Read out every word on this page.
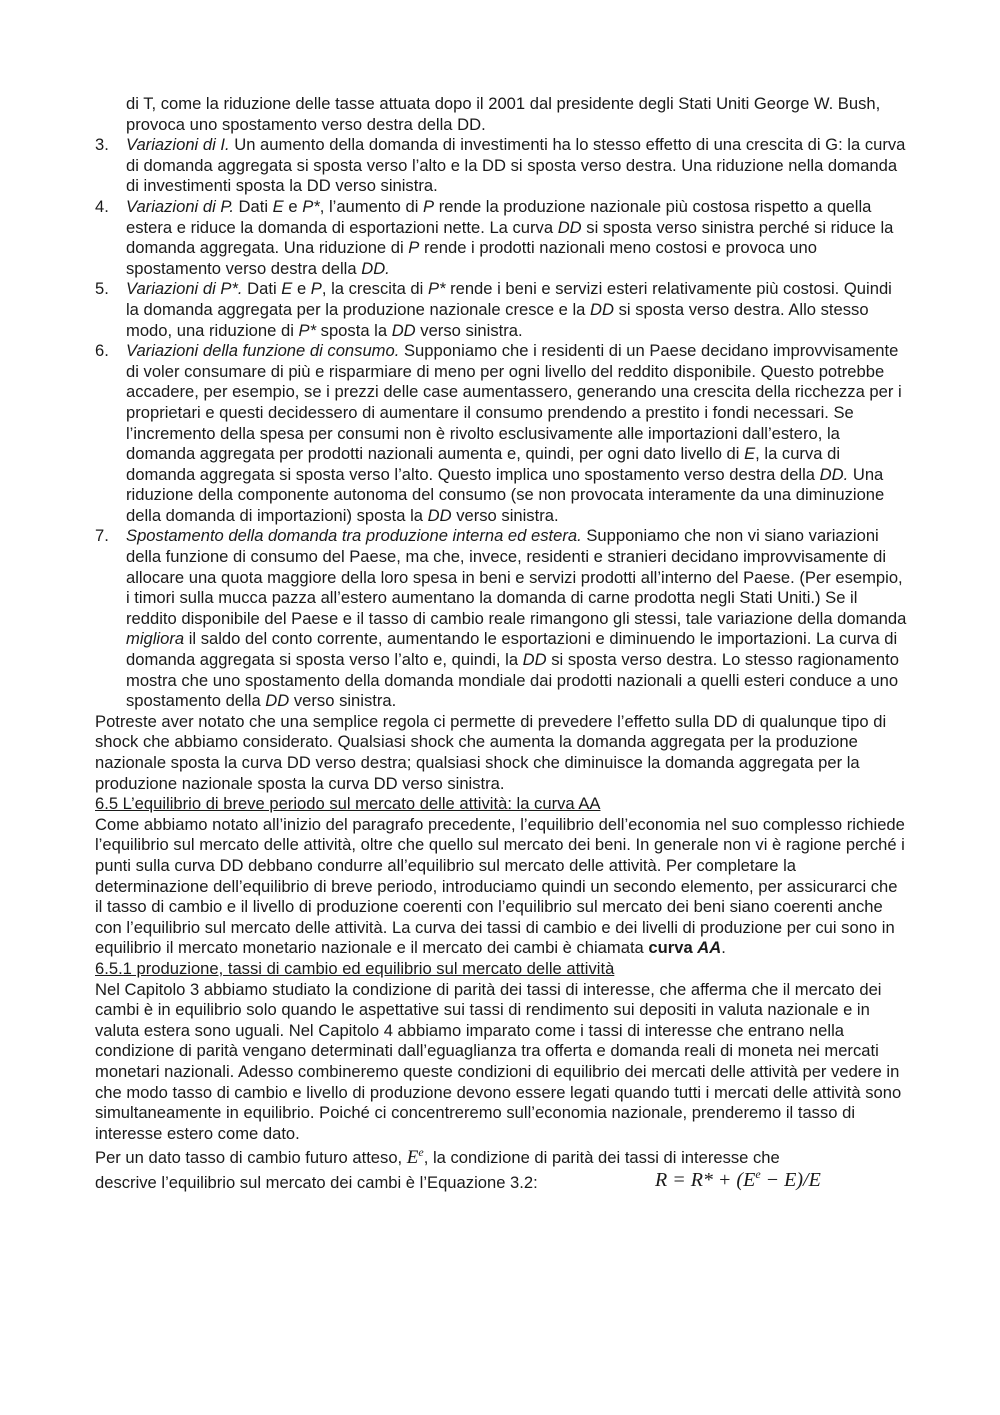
di T, come la riduzione delle tasse attuata dopo il 2001 dal presidente degli Stati Uniti George W. Bush, provoca uno spostamento verso destra della DD.
3. Variazioni di I. Un aumento della domanda di investimenti ha lo stesso effetto di una crescita di G: la curva di domanda aggregata si sposta verso l’alto e la DD si sposta verso destra. Una riduzione nella domanda di investimenti sposta la DD verso sinistra.
4. Variazioni di P. Dati E e P*, l’aumento di P rende la produzione nazionale più costosa rispetto a quella estera e riduce la domanda di esportazioni nette. La curva DD si sposta verso sinistra perché si riduce la domanda aggregata. Una riduzione di P rende i prodotti nazionali meno costosi e provoca uno spostamento verso destra della DD.
5. Variazioni di P*. Dati E e P, la crescita di P* rende i beni e servizi esteri relativamente più costosi. Quindi la domanda aggregata per la produzione nazionale cresce e la DD si sposta verso destra. Allo stesso modo, una riduzione di P* sposta la DD verso sinistra.
6. Variazioni della funzione di consumo. Supponiamo che i residenti di un Paese decidano improvvisamente di voler consumare di più e risparmiare di meno per ogni livello del reddito disponibile. Questo potrebbe accadere, per esempio, se i prezzi delle case aumentassero, generando una crescita della ricchezza per i proprietari e questi decidessero di aumentare il consumo prendendo a prestito i fondi necessari. Se l’incremento della spesa per consumi non è rivolto esclusivamente alle importazioni dall’estero, la domanda aggregata per prodotti nazionali aumenta e, quindi, per ogni dato livello di E, la curva di domanda aggregata si sposta verso l’alto. Questo implica uno spostamento verso destra della DD. Una riduzione della componente autonoma del consumo (se non provocata interamente da una diminuzione della domanda di importazioni) sposta la DD verso sinistra.
7. Spostamento della domanda tra produzione interna ed estera. Supponiamo che non vi siano variazioni della funzione di consumo del Paese, ma che, invece, residenti e stranieri decidano improvvisamente di allocare una quota maggiore della loro spesa in beni e servizi prodotti all’interno del Paese. (Per esempio, i timori sulla mucca pazza all’estero aumentano la domanda di carne prodotta negli Stati Uniti.) Se il reddito disponibile del Paese e il tasso di cambio reale rimangono gli stessi, tale variazione della domanda migliora il saldo del conto corrente, aumentando le esportazioni e diminuendo le importazioni. La curva di domanda aggregata si sposta verso l’alto e, quindi, la DD si sposta verso destra. Lo stesso ragionamento mostra che uno spostamento della domanda mondiale dai prodotti nazionali a quelli esteri conduce a uno spostamento della DD verso sinistra.

Potreste aver notato che una semplice regola ci permette di prevedere l’effetto sulla DD di qualunque tipo di shock che abbiamo considerato. Qualsiasi shock che aumenta la domanda aggregata per la produzione nazionale sposta la curva DD verso destra; qualsiasi shock che diminuisce la domanda aggregata per la produzione nazionale sposta la curva DD verso sinistra.

6.5 L’equilibrio di breve periodo sul mercato delle attività: la curva AA

Come abbiamo notato all’inizio del paragrafo precedente, l’equilibrio dell’economia nel suo complesso richiede l’equilibrio sul mercato delle attività, oltre che quello sul mercato dei beni. In generale non vi è ragione perché i punti sulla curva DD debbano condurre all’equilibrio sul mercato delle attività. Per completare la determinazione dell’equilibrio di breve periodo, introduciamo quindi un secondo elemento, per assicurarci che il tasso di cambio e il livello di produzione coerenti con l’equilibrio sul mercato dei beni siano coerenti anche con l’equilibrio sul mercato delle attività. La curva dei tassi di cambio e dei livelli di produzione per cui sono in equilibrio il mercato monetario nazionale e il mercato dei cambi è chiamata curva AA.

6.5.1 produzione, tassi di cambio ed equilibrio sul mercato delle attività

Nel Capitolo 3 abbiamo studiato la condizione di parità dei tassi di interesse, che afferma che il mercato dei cambi è in equilibrio solo quando le aspettative sui tassi di rendimento sui depositi in valuta nazionale e in valuta estera sono uguali. Nel Capitolo 4 abbiamo imparato come i tassi di interesse che entrano nella condizione di parità vengano determinati dall’eguaglianza tra offerta e domanda reali di moneta nei mercati monetari nazionali. Adesso combineremo queste condizioni di equilibrio dei mercati delle attività per vedere in che modo tasso di cambio e livello di produzione devono essere legati quando tutti i mercati delle attività sono simultaneamente in equilibrio. Poiché ci concentreremo sull’economia nazionale, prenderemo il tasso di interesse estero come dato.

Per un dato tasso di cambio futuro atteso, $E^e$, la condizione di parità dei tassi di interesse che

descrive l’equilibrio sul mercato dei cambi è l’Equazione 3.2:	$R = R* + (E^e - E)/E$
